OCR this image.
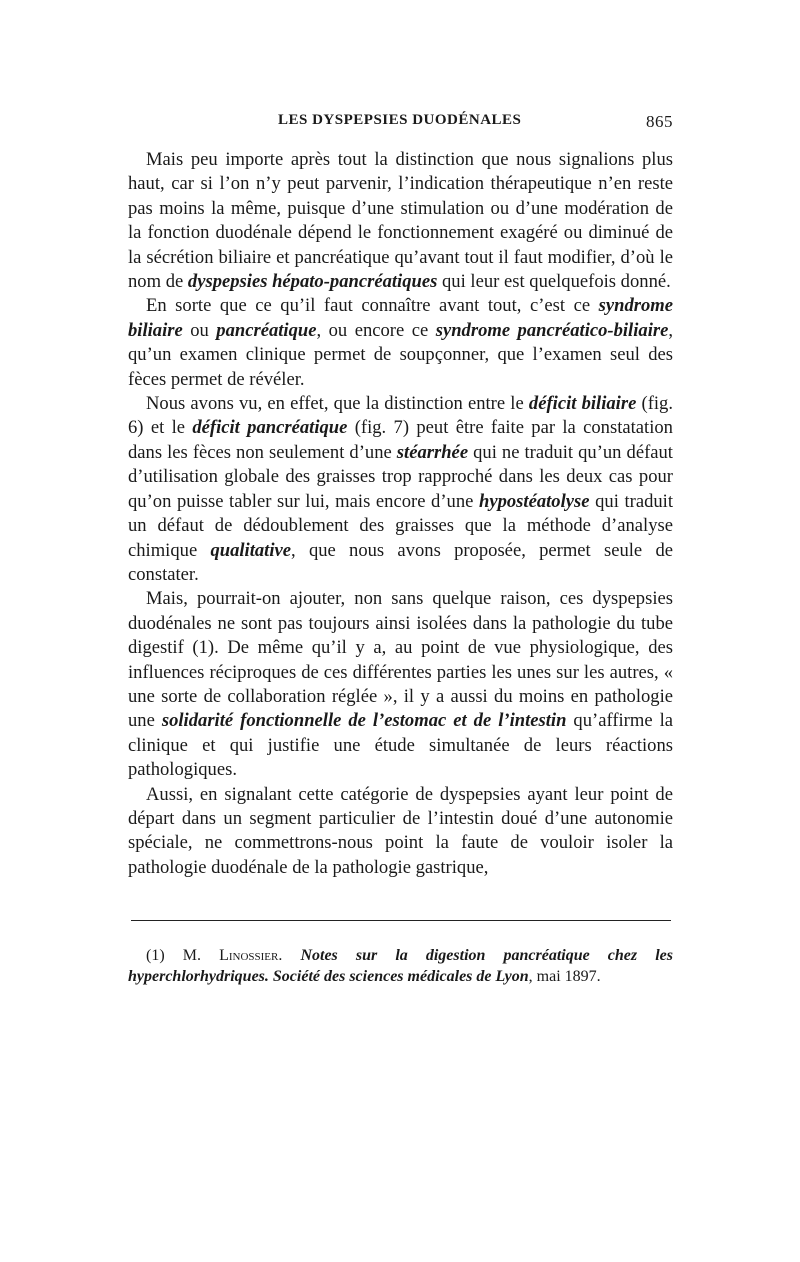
LES DYSPEPSIES DUODÉNALES	865

Mais peu importe après tout la distinction que nous signalions plus haut, car si l’on n’y peut parvenir, l’indication thérapeutique n’en reste pas moins la même, puisque d’une stimulation ou d’une modération de la fonction duodénale dépend le fonctionnement exagéré ou diminué de la sécrétion biliaire et pancréatique qu’avant tout il faut modifier, d’où le nom de dyspepsies hépato-pancréatiques qui leur est quelquefois donné.

En sorte que ce qu’il faut connaître avant tout, c’est ce syndrome biliaire ou pancréatique, ou encore ce syndrome pancréatico-biliaire, qu’un examen clinique permet de soupçonner, que l’examen seul des fèces permet de révéler.

Nous avons vu, en effet, que la distinction entre le déficit biliaire (fig. 6) et le déficit pancréatique (fig. 7) peut être faite par la constatation dans les fèces non seulement d’une stéarrhée qui ne traduit qu’un défaut d’utilisation globale des graisses trop rapproché dans les deux cas pour qu’on puisse tabler sur lui, mais encore d’une hypostéatolyse qui traduit un défaut de dédoublement des graisses que la méthode d’analyse chimique qualitative, que nous avons proposée, permet seule de constater.

Mais, pourrait-on ajouter, non sans quelque raison, ces dyspepsies duodénales ne sont pas toujours ainsi isolées dans la pathologie du tube digestif (1). De même qu’il y a, au point de vue physiologique, des influences réciproques de ces différentes parties les unes sur les autres, « une sorte de collaboration réglée », il y a aussi du moins en pathologie une solidarité fonctionnelle de l’estomac et de l’intestin qu’affirme la clinique et qui justifie une étude simultanée de leurs réactions pathologiques.

Aussi, en signalant cette catégorie de dyspepsies ayant leur point de départ dans un segment particulier de l’intestin doué d’une autonomie spéciale, ne commettrons-nous point la faute de vouloir isoler la pathologie duodénale de la pathologie gastrique,

(1) M. Linossier. Notes sur la digestion pancréatique chez les hyperchlorhydriques. Société des sciences médicales de Lyon, mai 1897.
